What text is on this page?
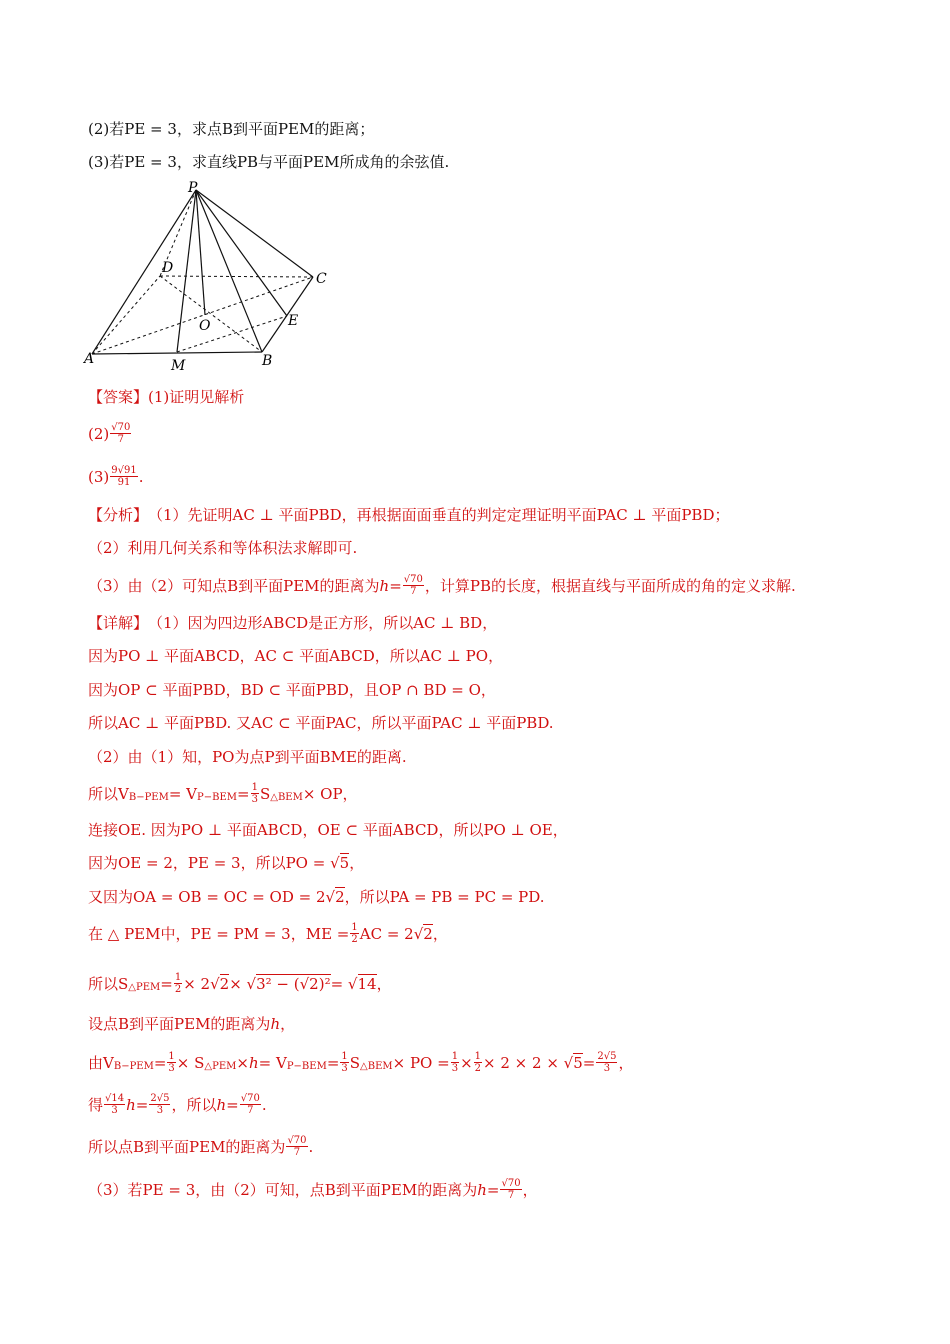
(2)若PE = 3，求点B到平面PEM的距离；
(3)若PE = 3，求直线PB与平面PEM所成角的余弦值.
P
D
C
O	E
A	M	B
【答案】 (1)证明见解析
$(2) \frac{√70}{7}$
$(3) \frac{9√91}{91}$ .
【分析】 （1）先证明AC ⊥ 平面PBD，再根据面面垂直的判定定理证明平面PAC ⊥ 平面PBD；
（2）利用几何关系和等体积法求解即可.
（3）由（2）可知点B到平面PEM的距离为 $h = \frac{√70}{7}$ ，计算PB的长度，根据直线与平面所成的角的定义求解.
【详解】 （1）因为四边形ABCD是正方形，所以AC ⊥ BD，
因为PO ⊥ 平面ABCD，AC ⊂ 平面ABCD，所以AC ⊥ PO，
因为OP ⊂ 平面PBD，BD ⊂ 平面PBD，且OP ∩ BD = O，
所以AC ⊥ 平面PBD. 又AC ⊂ 平面PAC，所以平面PAC ⊥ 平面PBD.
（2）由（1）知，PO为点P到平面BME的距离.
所以V B−PEM = V $P-BEM = \frac{1}{3}$ S △BEM × OP，
连接OE. 因为PO ⊥ 平面ABCD，OE ⊂ 平面ABCD，所以PO ⊥ OE，
因为OE = 2，PE = 3，所以PO = √ 5 ，
又因为OA = OB = OC = OD = 2√ 2 ，所以PA = PB = PC = PD.
在 △ PEM中，PE = PM = 3，ME = $\frac{1}{2}$ AC = 2√ 2 ，
所以S △PEM = $\frac{1}{2} \times 2√$ 2 × √ 3² − (√2)² = √ 14 ，
设点B到平面PEM的距离为 h ，
由V $B-PEM = \frac{1}{3} \times S$ △PEM × h = V $P-BEM = \frac{1}{3}$ S △BEM × PO = $\frac{1}{3} \times \frac{1}{2} \times 2 \times 2$ × √ $5 = \frac{2√5}{3}$ ，
得 $\frac{√14}{3}$ $h = \frac{2√5}{3}$ ，所以 $h = \frac{√70}{7}$ .
所以点B到平面PEM的距离为 $\frac{√70}{7}$ .
（3）若PE = 3，由（2）可知，点B到平面PEM的距离为 $h = \frac{√70}{7}$ ，
